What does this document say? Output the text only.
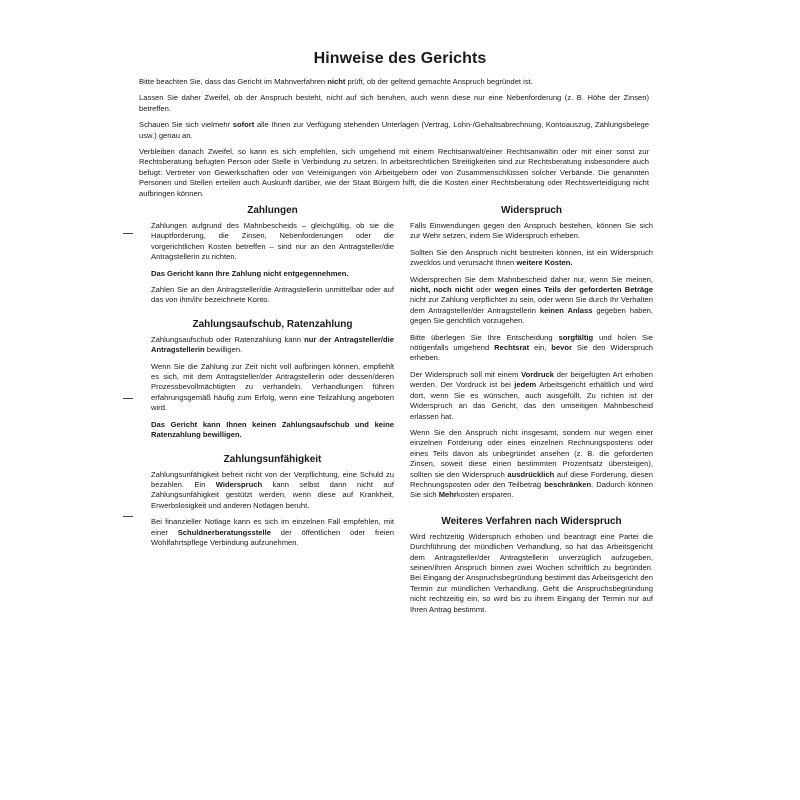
Hinweise des Gerichts

Bitte beachten Sie, dass das Gericht im Mahnverfahren nicht prüft, ob der geltend gemachte Anspruch begründet ist.

Lassen Sie daher Zweifel, ob der Anspruch besteht, nicht auf sich beruhen, auch wenn diese nur eine Nebenforderung (z. B. Höhe der Zinsen) betreffen.

Schauen Sie sich vielmehr sofort alle Ihnen zur Verfügung stehenden Unterlagen (Vertrag, Lohn-/Gehaltsabrechnung, Kontoauszug, Zahlungsbelege usw.) genau an.

Verbleiben danach Zweifel, so kann es sich empfehlen, sich umgehend mit einem Rechtsanwalt/einer Rechtsanwältin oder mit einer sonst zur Rechtsberatung befugten Person oder Stelle in Verbindung zu setzen. In arbeitsrechtlichen Streitigkeiten sind zur Rechtsberatung insbesondere auch befugt: Vertreter von Gewerkschaften oder von Vereinigungen von Arbeitgebern oder von Zusammenschlüssen solcher Verbände. Die genannten Personen und Stellen erteilen auch Auskunft darüber, wie der Staat Bürgern hilft, die die Kosten einer Rechtsberatung oder Rechtsverteidigung nicht aufbringen können.

Zahlungen

Zahlungen aufgrund des Mahnbescheids – gleichgültig, ob sie die Hauptforderung, die Zinsen, Nebenforderungen oder die vorgerichtlichen Kosten betreffen – sind nur an den Antragsteller/die Antragstellerin zu richten.

Das Gericht kann Ihre Zahlung nicht entgegennehmen.

Zahlen Sie an den Antragsteller/die Antragstellerin unmittelbar oder auf das von ihm/ihr bezeichnete Konto.

Zahlungsaufschub, Ratenzahlung

Zahlungsaufschub oder Ratenzahlung kann nur der Antragsteller/die Antragstellerin bewilligen.

Wenn Sie die Zahlung zur Zeit nicht voll aufbringen können, empfiehlt es sich, mit dem Antragsteller/der Antragstellerin oder dessen/deren Prozessbevollmächtigten zu verhandeln. Verhandlungen führen erfahrungsgemäß häufig zum Erfolg, wenn eine Teilzahlung angeboten wird.

Das Gericht kann Ihnen keinen Zahlungsaufschub und keine Ratenzahlung bewilligen.

Zahlungsunfähigkeit

Zahlungsunfähigkeit befreit nicht von der Verpflichtung, eine Schuld zu bezahlen. Ein Widerspruch kann selbst dann nicht auf Zahlungsunfähigkeit gestützt werden, wenn diese auf Krankheit, Erwerbslosigkeit und anderen Notlagen beruht.

Bei finanzieller Notlage kann es sich im einzelnen Fall empfehlen, mit einer Schuldnerberatungsstelle der öffentlichen oder freien Wohlfahrtspflege Verbindung aufzunehmen.

Widerspruch

Falls Einwendungen gegen den Anspruch bestehen, können Sie sich zur Wehr setzen, indem Sie Widerspruch erheben.

Sollten Sie den Anspruch nicht bestreiten können, ist ein Widerspruch zwecklos und verursacht Ihnen weitere Kosten.

Widersprechen Sie dem Mahnbescheid daher nur, wenn Sie meinen, nicht, noch nicht oder wegen eines Teils der geforderten Beträge nicht zur Zahlung verpflichtet zu sein, oder wenn Sie durch Ihr Verhalten dem Antragsteller/der Antragstellerin keinen Anlass gegeben haben, gegen Sie gerichtlich vorzugehen.

Bitte überlegen Sie Ihre Entscheidung sorgfältig und holen Sie nötigenfalls umgehend Rechtsrat ein, bevor Sie den Widerspruch erheben.

Der Widerspruch soll mit einem Vordruck der beigefügten Art erhoben werden. Der Vordruck ist bei jedem Arbeitsgericht erhältlich und wird dort, wenn Sie es wünschen, auch ausgefüllt. Zu richten ist der Widerspruch an das Gericht, das den umseitigen Mahnbescheid erlassen hat.

Wenn Sie den Anspruch nicht insgesamt, sondern nur wegen einer einzelnen Forderung oder eines einzelnen Rechnungspostens oder eines Teils davon als unbegründet ansehen (z. B. die geforderten Zinsen, soweit diese einen bestimmten Prozentsatz übersteigen), sollten sie den Widerspruch ausdrücklich auf diese Forderung, diesen Rechnungsposten oder den Teilbetrag beschränken. Dadurch können Sie sich Mehrkosten ersparen.

Weiteres Verfahren nach Widerspruch

Wird rechtzeitig Widerspruch erhoben und beantragt eine Partei die Durchführung der mündlichen Verhandlung, so hat das Arbeitsgericht dem Antragsteller/der Antragstellerin unverzüglich aufzugeben, seinen/ihren Anspruch binnen zwei Wochen schriftlich zu begründen. Bei Eingang der Anspruchsbegründung bestimmt das Arbeitsgericht den Termin zur mündlichen Verhandlung. Geht die Anspruchsbegründung nicht rechtzeitig ein, so wird bis zu ihrem Eingang der Termin nur auf Ihren Antrag bestimmt.
